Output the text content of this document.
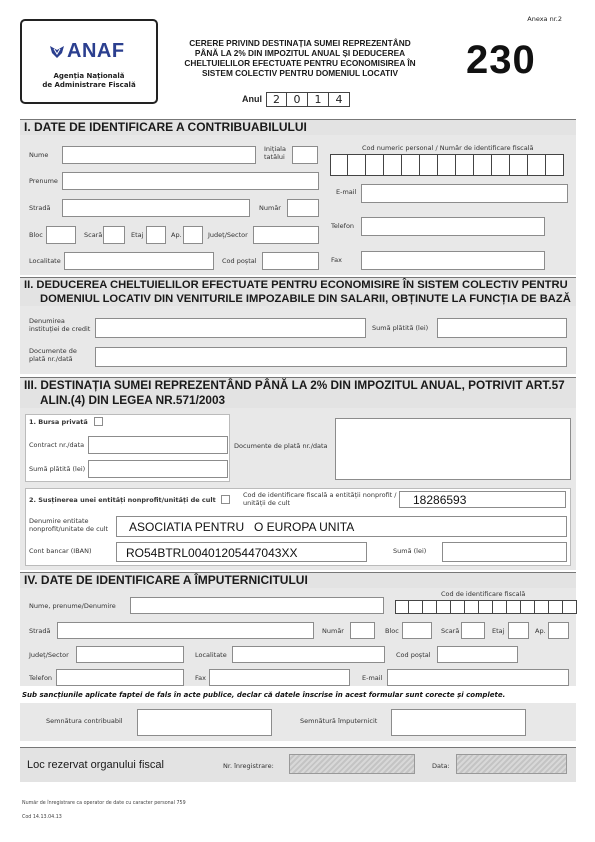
Anexa nr.2
ANAF
Agenția Națională
de Administrare Fiscală
CERERE PRIVIND DESTINAȚIA SUMEI REPREZENTÂND
PÂNĂ LA 2% DIN IMPOZITUL ANUAL ȘI DEDUCEREA
CHELTUIELILOR EFECTUATE PENTRU ECONOMISIREA ÎN
SISTEM COLECTIV PENTRU DOMENIUL LOCATIV	230
Anul	2	0	1	4
I. DATE DE IDENTIFICARE A CONTRIBUABILULUI
Nume
Inițiala
tatălui
Cod numeric personal / Număr de identificare fiscală
Prenume
E-mail
Stradă	Număr
Telefon
Bloc	Scară	Etaj	Ap.	Județ/Sector
Localitate	Cod poștal	Fax
II. DEDUCEREA CHELTUIELILOR EFECTUATE PENTRU ECONOMISIRE ÎN SISTEM COLECTIV PENTRU
DOMENIUL LOCATIV DIN VENITURILE IMPOZABILE DIN SALARII, OBȚINUTE LA FUNCȚIA DE BAZĂ
Denumirea
instituției de credit	Sumă plătită (lei)
Documente de
plată nr./dată
III. DESTINAȚIA SUMEI REPREZENTÂND PÂNĂ LA 2% DIN IMPOZITUL ANUAL, POTRIVIT ART.57
ALIN.(4) DIN LEGEA NR.571/2003
1. Bursa privată
Contract nr./data
Sumă plătită (lei)
Documente de plată nr./data
2. Susținerea unei entități nonprofit/unități de cult
Cod de identificare fiscală a entității nonprofit /
unității de cult	18286593
Denumire entitate
nonprofit/unitate de cult ASOCIATIA PENTRU O EUROPA UNITA
Cont bancar (IBAN)	RO54BTRL00401205447043XX	Sumă (lei)
IV. DATE DE IDENTIFICARE A ÎMPUTERNICITULUI
Cod de identificare fiscală
Nume, prenume/Denumire
Stradă	Număr	Bloc	Scară	Etaj	Ap.
Județ/Sector	Localitate	Cod poștal
Telefon	Fax	E-mail
Sub sancțiunile aplicate faptei de fals în acte publice, declar că datele înscrise în acest formular sunt corecte și complete.
Semnătura contribuabil	Semnătură împuternicit
Loc rezervat organului fiscal	Nr. înregistrare:	Data:
Număr de înregistrare ca operator de date cu caracter personal 759
Cod 14.13.04.13
